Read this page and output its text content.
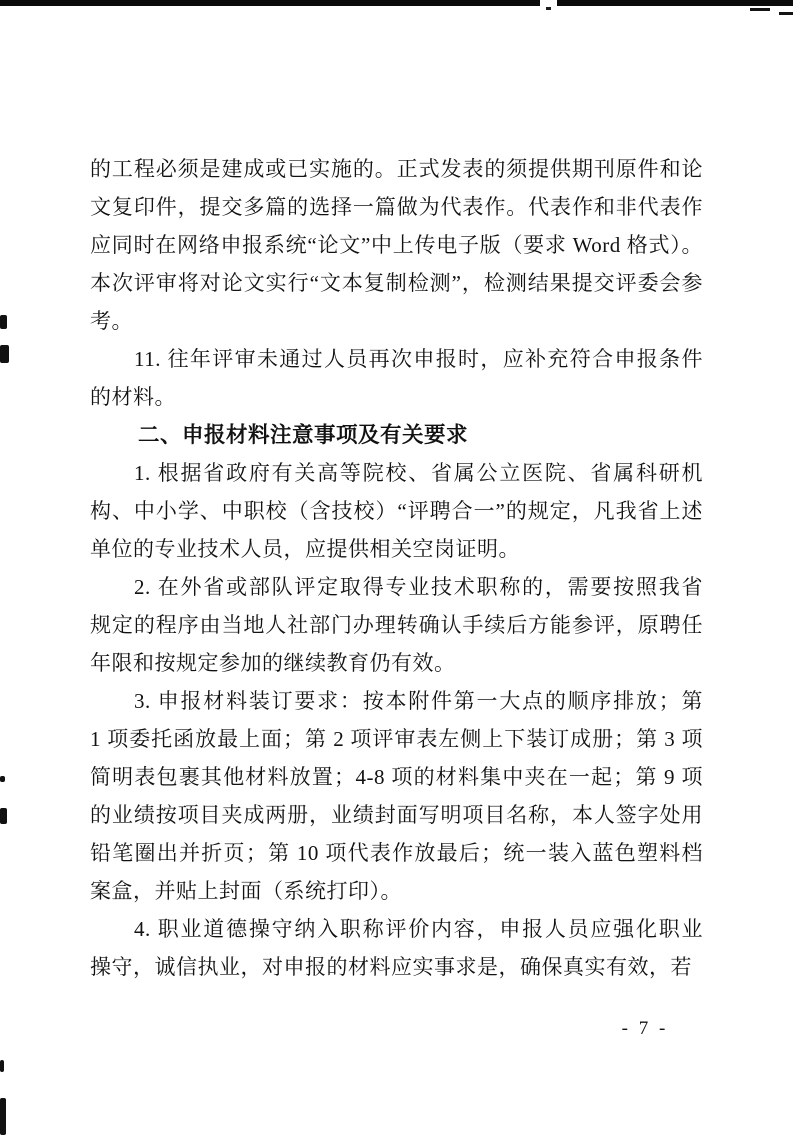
的工程必须是建成或已实施的。正式发表的须提供期刊原件和论
文复印件，提交多篇的选择一篇做为代表作。代表作和非代表作
应同时在网络申报系统“论文”中上传电子版（要求 Word 格式）。
本次评审将对论文实行“文本复制检测”，检测结果提交评委会参
考。
11. 往年评审未通过人员再次申报时，应补充符合申报条件
的材料。
二、申报材料注意事项及有关要求
1. 根据省政府有关高等院校、省属公立医院、省属科研机
构、中小学、中职校（含技校）“评聘合一”的规定，凡我省上述
单位的专业技术人员，应提供相关空岗证明。
2. 在外省或部队评定取得专业技术职称的，需要按照我省
规定的程序由当地人社部门办理转确认手续后方能参评，原聘任
年限和按规定参加的继续教育仍有效。
3. 申报材料装订要求：按本附件第一大点的顺序排放；第
1 项委托函放最上面；第 2 项评审表左侧上下装订成册；第 3 项
简明表包裹其他材料放置；4-8 项的材料集中夹在一起；第 9 项
的业绩按项目夹成两册，业绩封面写明项目名称，本人签字处用
铅笔圈出并折页；第 10 项代表作放最后；统一装入蓝色塑料档
案盒，并贴上封面（系统打印）。
4. 职业道德操守纳入职称评价内容，申报人员应强化职业
操守，诚信执业，对申报的材料应实事求是，确保真实有效，若
- 7 -
